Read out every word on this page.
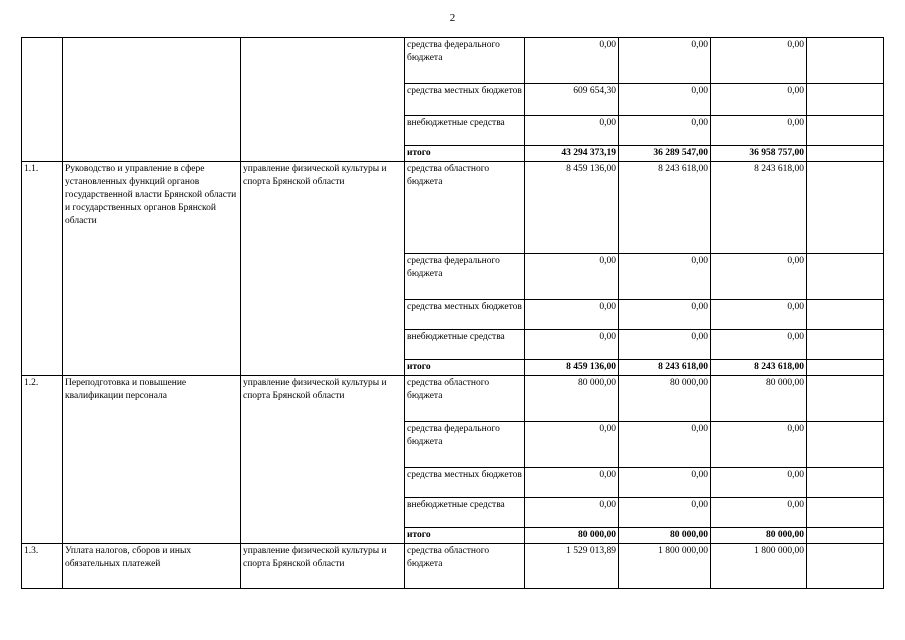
2
			средства федерального бюджета	0,00	0,00	0,00	
			средства местных бюджетов	609 654,30	0,00	0,00	
			внебюджетные средства	0,00	0,00	0,00	
			итого	43 294 373,19	36 289 547,00	36 958 757,00	
1.1.	Руководство и управление в сфере установленных функций органов государственной власти Брянской области и государственных органов Брянской области	управление физической культуры и спорта Брянской области	средства областного бюджета	8 459 136,00	8 243 618,00	8 243 618,00	
			средства федерального бюджета	0,00	0,00	0,00	
			средства местных бюджетов	0,00	0,00	0,00	
			внебюджетные средства	0,00	0,00	0,00	
			итого	8 459 136,00	8 243 618,00	8 243 618,00	
1.2.	Переподготовка и повышение квалификации персонала	управление физической культуры и спорта Брянской области	средства областного бюджета	80 000,00	80 000,00	80 000,00	
			средства федерального бюджета	0,00	0,00	0,00	
			средства местных бюджетов	0,00	0,00	0,00	
			внебюджетные средства	0,00	0,00	0,00	
			итого	80 000,00	80 000,00	80 000,00	
1.3.	Уплата налогов, сборов и иных обязательных платежей	управление физической культуры и спорта Брянской области	средства областного бюджета	1 529 013,89	1 800 000,00	1 800 000,00	
